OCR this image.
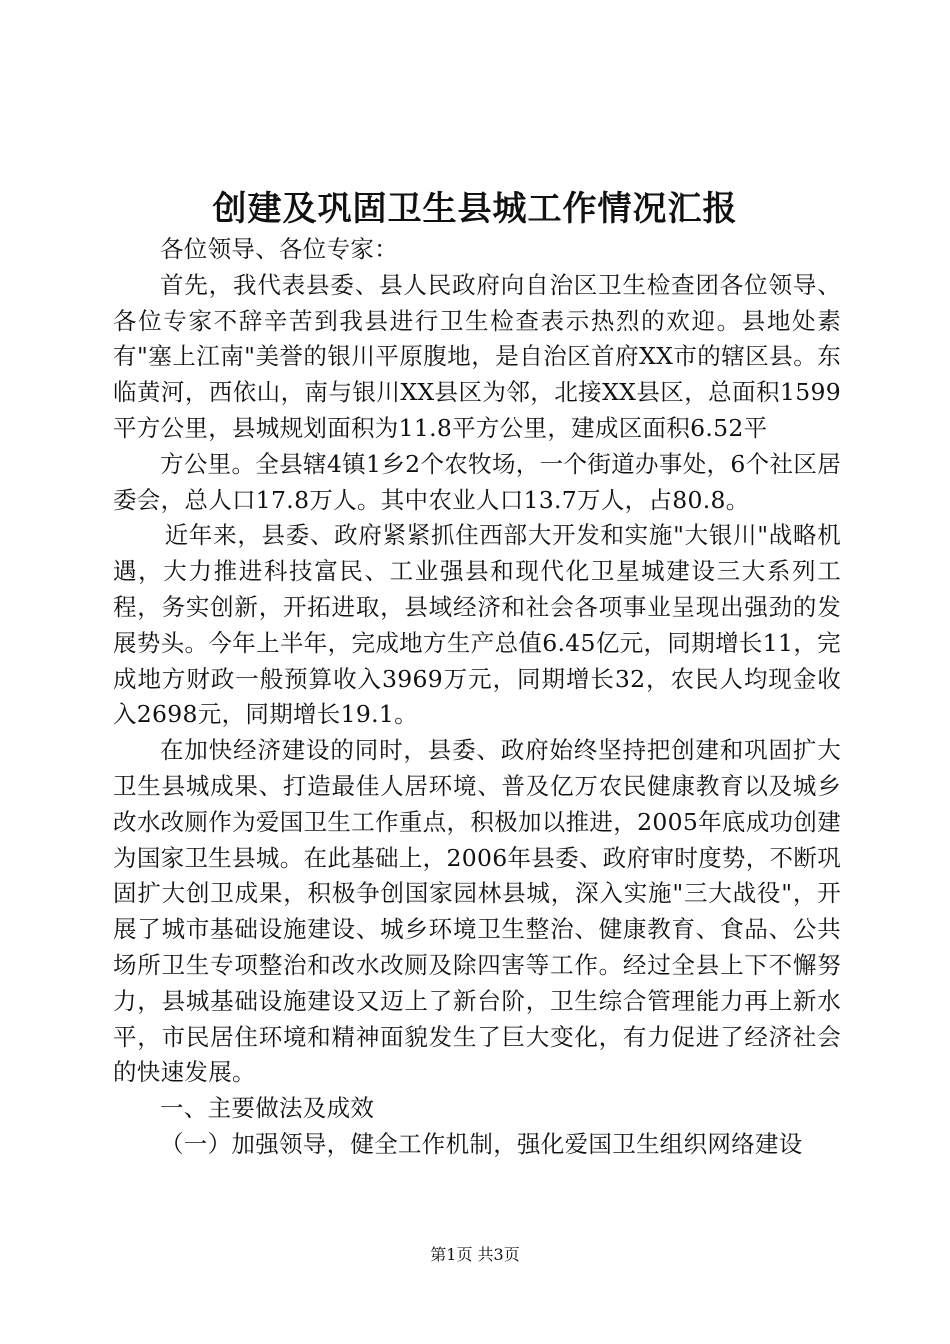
创建及巩固卫生县城工作情况汇报

各位领导、各位专家：

首先，我代表县委、县人民政府向自治区卫生检查团各位领导、各位专家不辞辛苦到我县进行卫生检查表示热烈的欢迎。县地处素有"塞上江南"美誉的银川平原腹地，是自治区首府XX市的辖区县。东临黄河，西依山，南与银川XX县区为邻，北接XX县区，总面积1599平方公里，县城规划面积为11.8平方公里，建成区面积6.52平

方公里。全县辖4镇1乡2个农牧场，一个街道办事处，6个社区居委会，总人口17.8万人。其中农业人口13.7万人，占80.8。

近年来，县委、政府紧紧抓住西部大开发和实施"大银川"战略机遇，大力推进科技富民、工业强县和现代化卫星城建设三大系列工程，务实创新，开拓进取，县域经济和社会各项事业呈现出强劲的发展势头。今年上半年，完成地方生产总值6.45亿元，同期增长11，完成地方财政一般预算收入3969万元，同期增长32，农民人均现金收入2698元，同期增长19.1。

在加快经济建设的同时，县委、政府始终坚持把创建和巩固扩大卫生县城成果、打造最佳人居环境、普及亿万农民健康教育以及城乡改水改厕作为爱国卫生工作重点，积极加以推进，2005年底成功创建为国家卫生县城。在此基础上，2006年县委、政府审时度势，不断巩固扩大创卫成果，积极争创国家园林县城，深入实施"三大战役"，开展了城市基础设施建设、城乡环境卫生整治、健康教育、食品、公共场所卫生专项整治和改水改厕及除四害等工作。经过全县上下不懈努力，县城基础设施建设又迈上了新台阶，卫生综合管理能力再上新水平，市民居住环境和精神面貌发生了巨大变化，有力促进了经济社会的快速发展。

一、主要做法及成效

（一）加强领导，健全工作机制，强化爱国卫生组织网络建设

第1页 共3页
